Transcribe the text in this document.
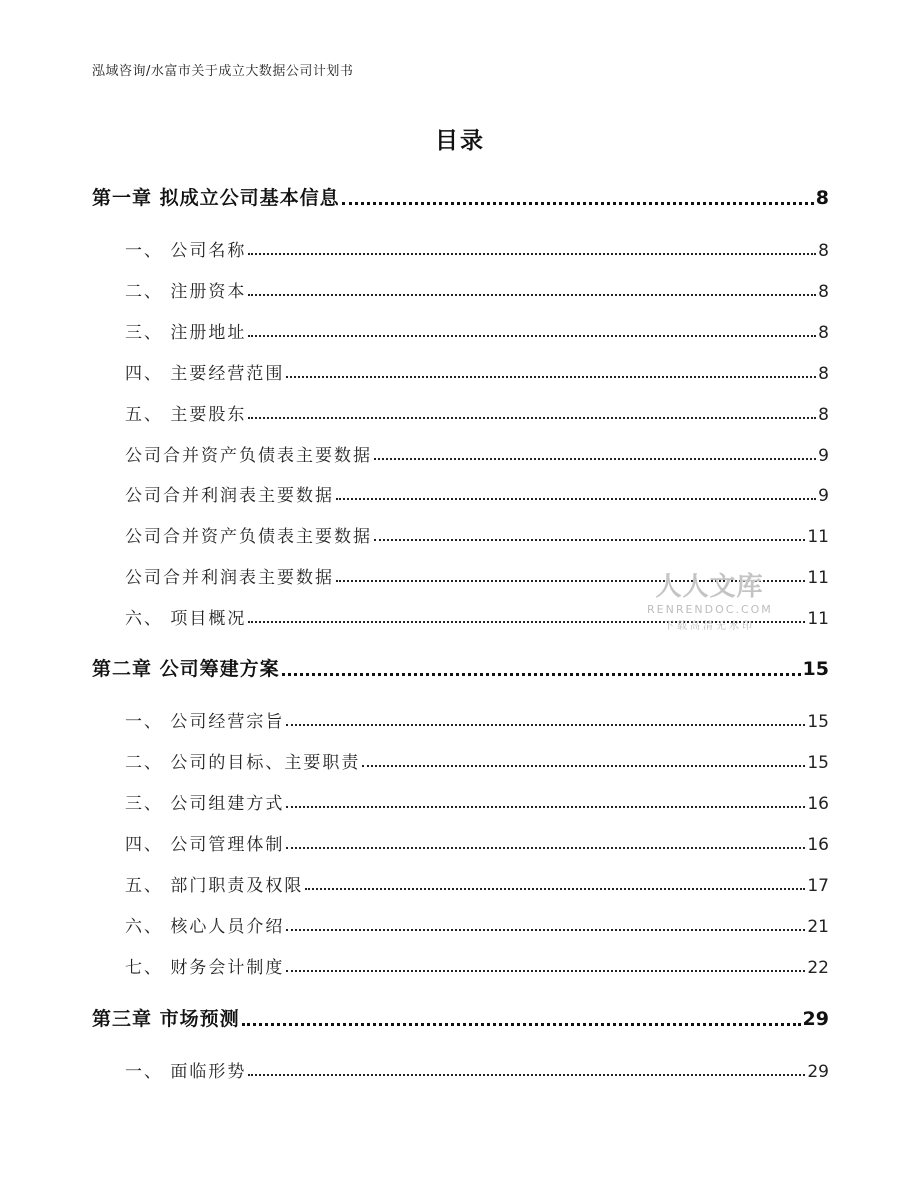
泓域咨询/水富市关于成立大数据公司计划书
目录
第一章 拟成立公司基本信息	8
一、 公司名称	8
二、 注册资本	8
三、 注册地址	8
四、 主要经营范围	8
五、 主要股东	8
公司合并资产负债表主要数据	9
公司合并利润表主要数据	9
公司合并资产负债表主要数据	11
公司合并利润表主要数据	11
六、 项目概况	11
第二章 公司筹建方案	15
一、 公司经营宗旨	15
二、 公司的目标、主要职责	15
三、 公司组建方式	16
四、 公司管理体制	16
五、 部门职责及权限	17
六、 核心人员介绍	21
七、 财务会计制度	22
第三章 市场预测	29
一、 面临形势	29
人人文库
RENRENDOC.COM
下载高清无水印
